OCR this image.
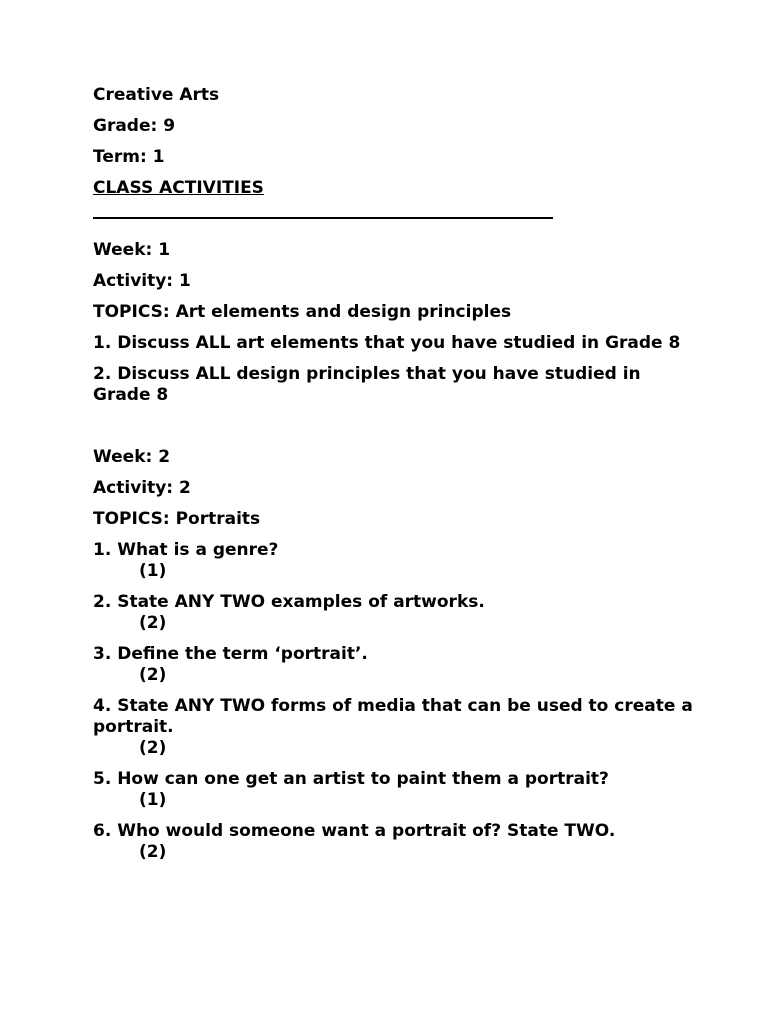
Creative Arts
Grade: 9
Term: 1
CLASS ACTIVITIES
Week: 1
Activity: 1
TOPICS: Art elements and design principles
1. Discuss ALL art elements that you have studied in Grade 8
2. Discuss ALL design principles that you have studied in Grade 8
Week: 2
Activity: 2
TOPICS: Portraits
1. What is a genre?
(1)
2. State ANY TWO examples of artworks.
(2)
3. Define the term ‘portrait’.
(2)
4. State ANY TWO forms of media that can be used to create a portrait.
(2)
5. How can one get an artist to paint them a portrait?
(1)
6. Who would someone want a portrait of? State TWO.
(2)
